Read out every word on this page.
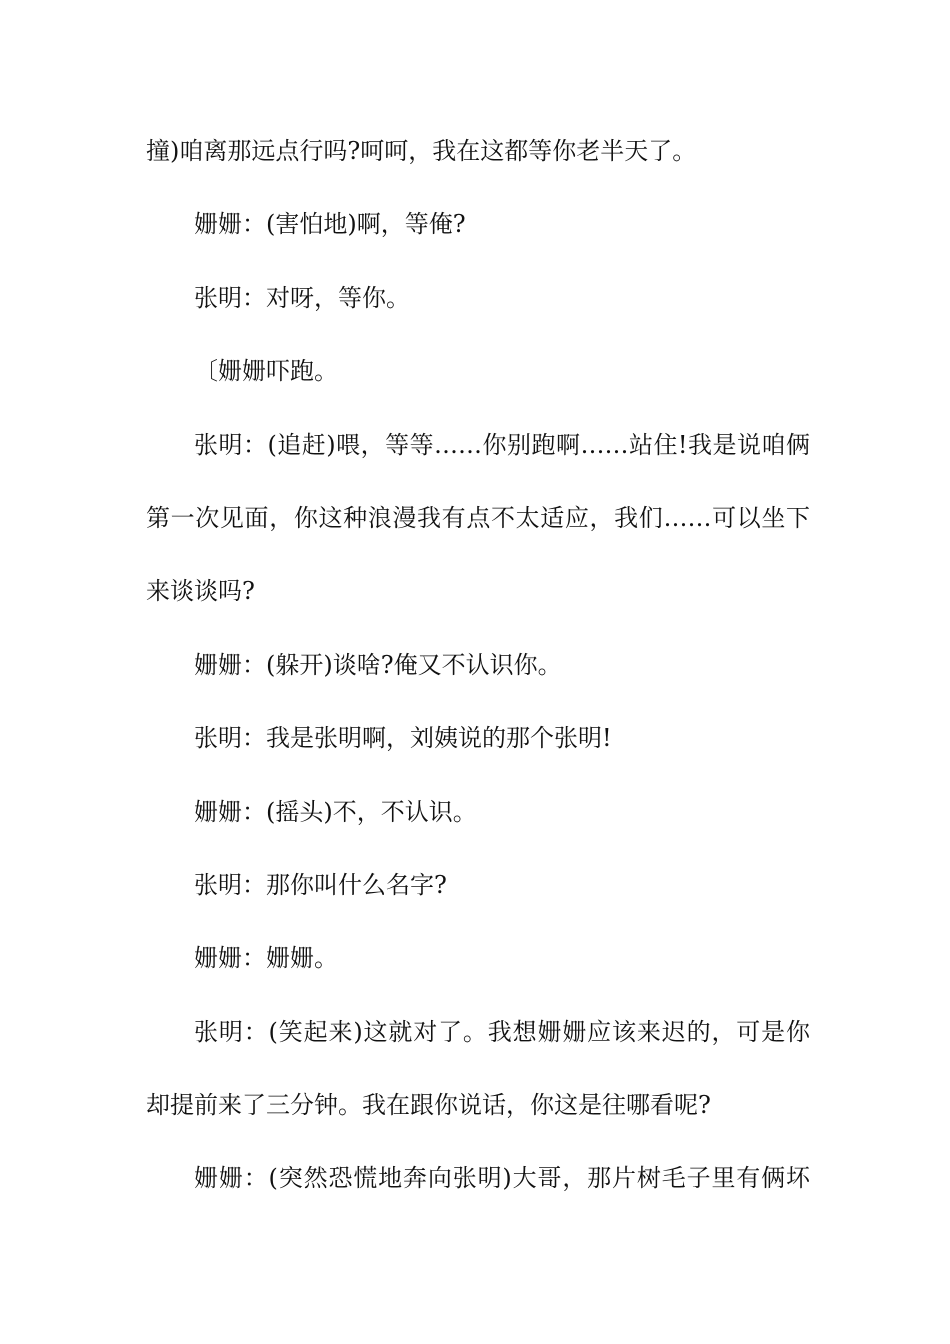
撞)咱离那远点行吗?呵呵，我在这都等你老半天了。
姗姗：(害怕地)啊，等俺?
张明：对呀，等你。
〔姗姗吓跑。
张明：(追赶)喂，等等……你别跑啊……站住!我是说咱俩
第一次见面，你这种浪漫我有点不太适应，我们……可以坐下
来谈谈吗?
姗姗：(躲开)谈啥?俺又不认识你。
张明：我是张明啊，刘姨说的那个张明!
姗姗：(摇头)不，不认识。
张明：那你叫什么名字?
姗姗：姗姗。
张明：(笑起来)这就对了。我想姗姗应该来迟的，可是你
却提前来了三分钟。我在跟你说话，你这是往哪看呢?
姗姗：(突然恐慌地奔向张明)大哥，那片树毛子里有俩坏
